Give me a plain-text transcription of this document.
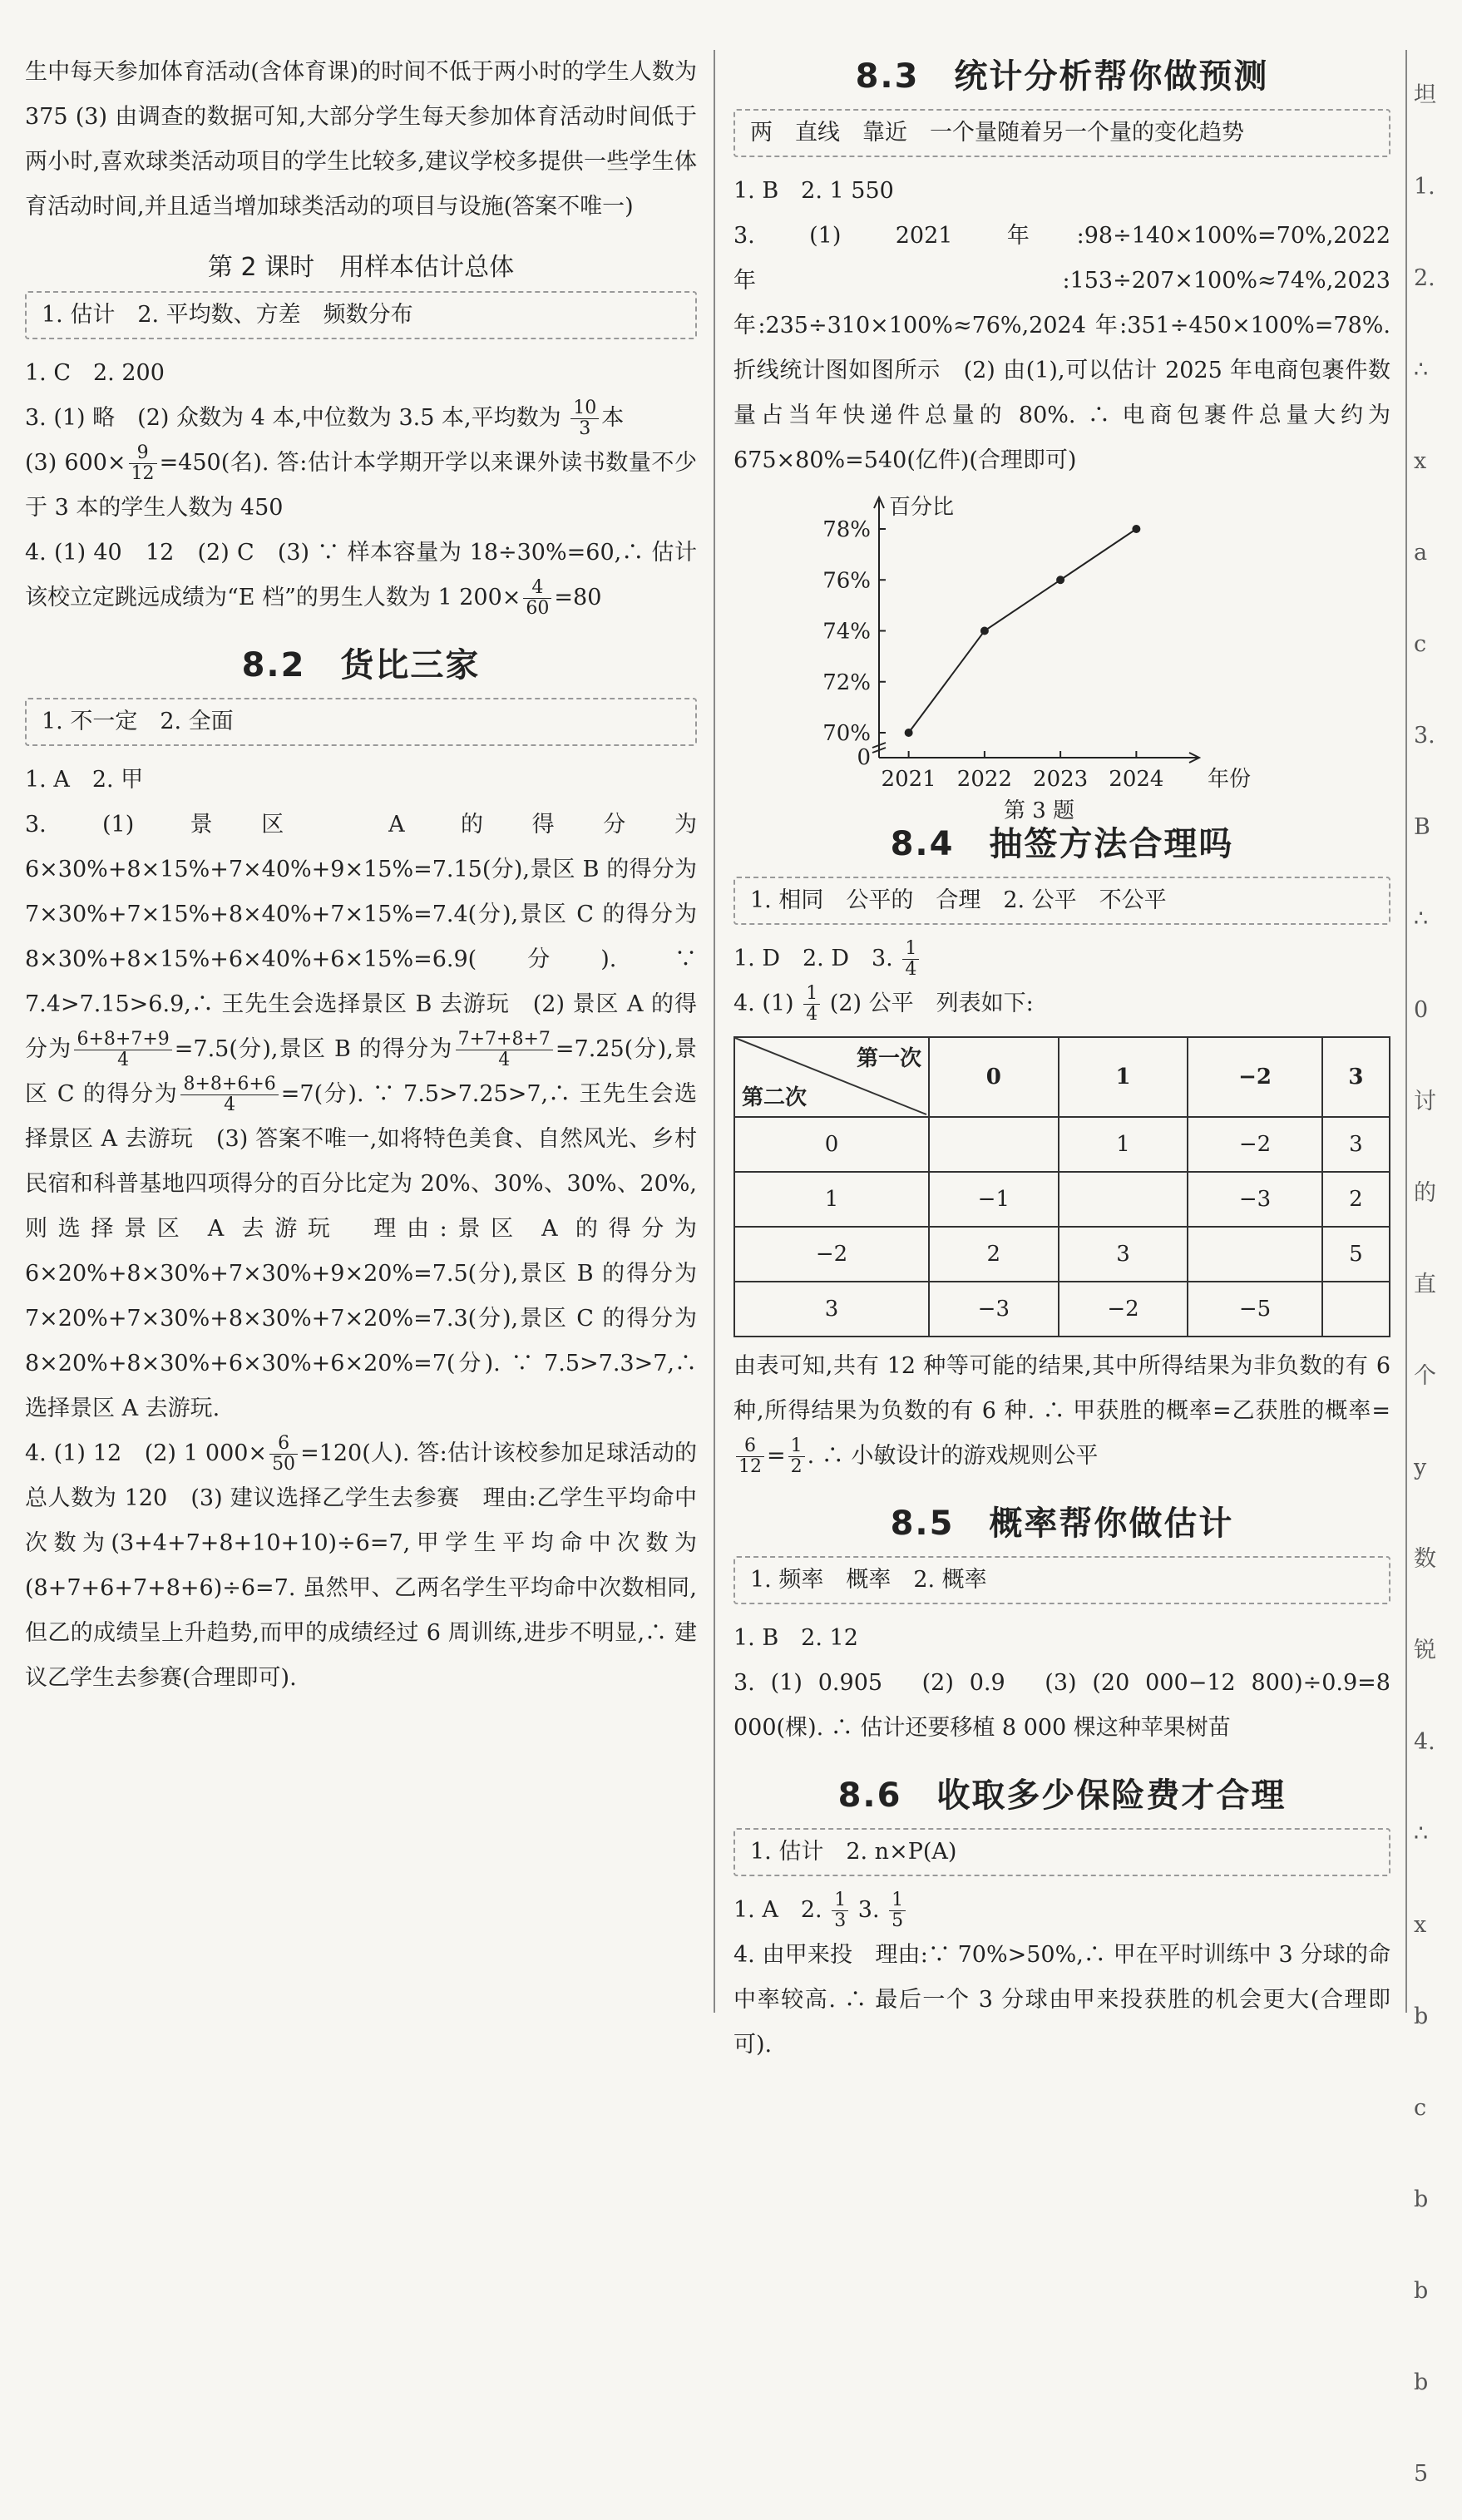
生中每天参加体育活动(含体育课)的时间不低于两小时的学生人数为 375 (3) 由调查的数据可知,大部分学生每天参加体育活动时间低于两小时,喜欢球类活动项目的学生比较多,建议学校多提供一些学生体育活动时间,并且适当增加球类活动的项目与设施(答案不唯一)

第 2 课时　用样本估计总体
1. 估计　2. 平均数、方差　频数分布

1. C　2. 200

3. (1) 略　(2) 众数为 4 本,中位数为 3.5 本,平均数为 $\frac{10}{3}$ 本

(3) $600\times \frac{9}{12} =450$(名). 答:估计本学期开学以来课外读书数量不少于 3 本的学生人数为 450

4. (1) 40　12　(2) C　(3) ∵ 样本容量为 18÷30%=60,∴ 估计该校立定跳远成绩为“E 档”的男生人数为 1 $200\times \frac{4}{60} =80$

8.2　货比三家
1. 不一定　2. 全面

1. A　2. 甲

3. (1) 景区 A 的得分为 6×30%+8×15%+7×40%+9×15%=7.15(分),景区 B 的得分为 7×30%+7×15%+8×40%+7×15%=7.4(分),景区 C 的得分为 8×30%+8×15%+6×40%+6×15%=6.9(分). ∵ 7.4>7.15>6.9,∴ 王先生会选择景区 B 去游玩　(2) 景区 A 的得分为 $\frac{6+8+7+9}{4} =7.5$(分),景区 B 的得分为 $\frac{7+7+8+7}{4} =7.25$(分),景区 C 的得分为 $\frac{8+8+6+6}{4} =7$(分). ∵ 7.5>7.25>7,∴ 王先生会选择景区 A 去游玩　(3) 答案不唯一,如将特色美食、自然风光、乡村民宿和科普基地四项得分的百分比定为 20%、30%、30%、20%,则选择景区 A 去游玩　理由:景区 A 的得分为 6×20%+8×30%+7×30%+9×20%=7.5(分),景区 B 的得分为 7×20%+7×30%+8×30%+7×20%=7.3(分),景区 C 的得分为 8×20%+8×30%+6×30%+6×20%=7(分). ∵ 7.5>7.3>7,∴ 选择景区 A 去游玩.

4. (1) 12　(2) 1 $000\times \frac{6}{50} =120$(人). 答:估计该校参加足球活动的总人数为 120　(3) 建议选择乙学生去参赛　理由:乙学生平均命中次数为(3+4+7+8+10+10)÷6=7,甲学生平均命中次数为(8+7+6+7+8+6)÷6=7. 虽然甲、乙两名学生平均命中次数相同,但乙的成绩呈上升趋势,而甲的成绩经过 6 周训练,进步不明显,∴ 建议乙学生去参赛(合理即可).

8.3　统计分析帮你做预测
两　直线　靠近　一个量随着另一个量的变化趋势

1. B　2. 1 550

3. (1) 2021 年:98÷140×100%=70%,2022 年:153÷207×100%≈74%,2023 年:235÷310×100%≈76%,2024 年:351÷450×100%=78%. 折线统计图如图所示　(2) 由(1),可以估计 2025 年电商包裹件数量占当年快递件总量的 80%. ∴ 电商包裹件总量大约为 675×80%=540(亿件)(合理即可)

百分比
70%
72%
74%
76%
78%
0
2021 2022 2023 2024 年份
第 3 题
8.4　抽签方法合理吗
1. 相同　公平的　合理　2. 公平　不公平

1. D　2. D　3. $\frac{1}{4}$

4. $(1) \frac{1}{4} (2)$ 公平　列表如下:

第一次
第二次	0	1	−2	3
0		1	−2	3
1	−1		−3	2
−2	2	3		5
3	−3	−2	−5	

由表可知,共有 12 种等可能的结果,其中所得结果为非负数的有 6 种,所得结果为负数的有 6 种. ∴ 甲获胜的概率=乙获胜的概率=
$\frac{6}{12} = \frac{1}{2}$ . ∴ 小敏设计的游戏规则公平

8.5　概率帮你做估计
1. 频率　概率　2. 概率

1. B　2. 12

3. (1) 0.905　(2) 0.9　(3) (20 000−12 800)÷0.9=8 000(棵). ∴ 估计还要移植 8 000 棵这种苹果树苗

8.6　收取多少保险费才合理
1. 估计　2. n×P(A)

1. A　2. $\frac{1}{3} 3$. $\frac{1}{5}$

4. 由甲来投　理由:∵ 70%>50%,∴ 甲在平时训练中 3 分球的命中率较高. ∴ 最后一个 3 分球由甲来投获胜的机会更大(合理即可).

坦
1.
2.
∴
x
a
c
3.
B
∴
0
讨
的
直
个
y
数
锐
4.
∴
x
b
c
b
b
b
5
